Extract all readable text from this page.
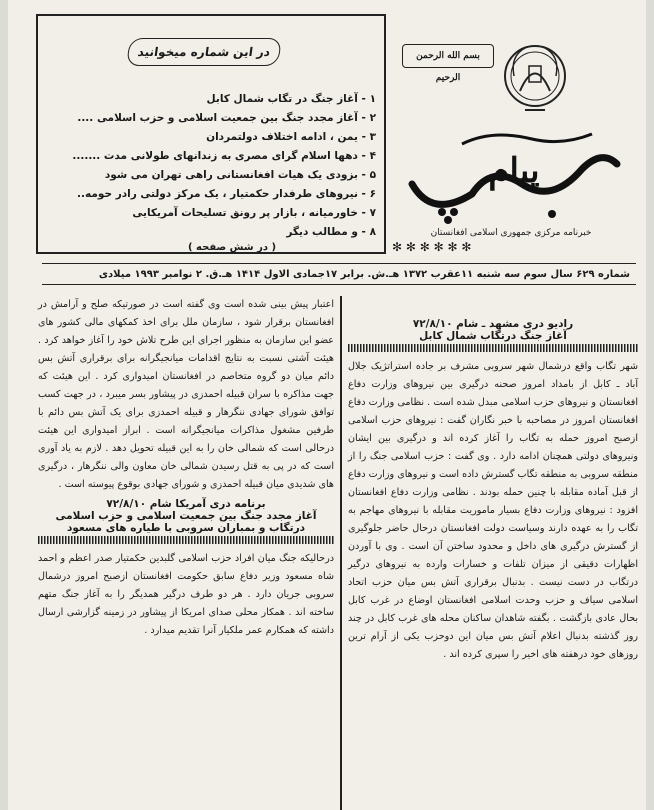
در این شماره میخوانید
۱ - آغاز جنگ در تگاب شمال کابل
۲ - آغاز مجدد جنگ بین جمعیت اسلامی و حزب اسلامی ....
۳ - یمن ، ادامه اختلاف دولتمردان
۴ - دهها اسلام گرای مصری به زندانهای طولانی مدت .......
۵ - بزودی یک هیات افغانستانی راهی تهران می شود
۶ - نیروهای طرفدار حکمتیار ، یک مرکز دولتی رادر حومه..
۷ - خاورمیانه ، بازار پر رونق تسلیحات آمریکایی
۸ - و مطالب دیگر
( در شش صفحه )
بسم الله الرحمن الرحیم
پیام
خبرنامه مرکزی جمهوری اسلامی افغانستان
✻ ✻ ✻ ✻ ✻ ✻
شماره ۶۲۹ سال سوم سه شنبه ۱۱عقرب ۱۳۷۲ هـ.ش. برابر ۱۷جمادی الاول ۱۴۱۴ هـ.ق. ۲ نوامبر ۱۹۹۳ میلادی
رادیو دری مشهد ـ شام ۷۲/۸/۱۰
آغاز جنگ درتگاب شمال کابل

شهر تگاب واقع درشمال شهر سروبی مشرف بر جاده استراتژیک جلال آباد ـ کابل از بامداد امروز صحنه درگیری بین نیروهای وزارت دفاع افغانستان و نیروهای حزب اسلامی مبدل شده است . نظامی وزارت دفاع افغانستان امروز در مصاحبه با خبر نگاران گفت : نیروهای حزب اسلامی ازصبح امروز حمله به تگاب را آغاز کرده اند و درگیری بین ایشان ونیروهای دولتی همچنان ادامه دارد . وی گفت : حزب اسلامی جنگ را از منطقه سروبی به منطقه تگاب گسترش داده است و نیروهای وزارت دفاع از قبل آماده مقابله با چنین حمله بودند . نظامی وزارت دفاع افغانستان افزود : نیروهای وزارت دفاع بسیار ماموریت مقابله با نیروهای مهاجم به تگاب را به عهده دارند وسیاست دولت افغانستان درحال حاضر جلوگیری از گسترش درگیری های داخل و محدود ساختن آن است . وی با آوردن اظهارات دقیقی از میزان تلفات و خسارات وارده به نیروهای درگیر درتگاب در دست نیست . بدنبال برقراری آتش بس میان حزب اتحاد اسلامی سیاف و حزب وحدت اسلامی افغانستان اوضاع در غرب کابل بحال عادی بازگشت . بگفته شاهدان ساکنان محله های غرب کابل در چند روز گذشته بدنبال اعلام آتش بس میان این دوحزب یکی از آرام ترین روزهای خود درهفته های اخیر را سپری کرده اند .

اعتبار پیش بینی شده است وی گفته است در صورتیکه صلح و آرامش در افغانستان برقرار شود ، سازمان ملل برای اخذ کمکهای مالی کشور های عضو این سازمان به منظور اجرای این طرح تلاش خود را آغاز خواهد کرد . هیئت آشتی نسبت به نتایج اقدامات میانجیگرانه برای برقراری آتش بس دائم میان دو گروه متخاصم در افغانستان امیدواری کرد . این هیئت که جهت مذاکره با سران قبیله احمدزی در پیشاور بسر میبرد ، در جهت کسب توافق شورای جهادی ننگرهار و قبیله احمدزی برای یک آتش بس دائم با طرفین مشغول مذاکرات میانجیگرانه است . ابراز امیدواری این هیئت درحالی است که شمالی خان را به این قبیله تحویل دهد . لازم به یاد آوری است که در پی به قتل رسیدن شمالی خان معاون والی ننگرهار ، درگیری های شدیدی میان قبیله احمدزی و شورای جهادی بوقوع پیوسته است .

برنامه دری آمریکا شام ۷۲/۸/۱۰
آغاز مجدد جنگ بین جمعیت اسلامی و حزب اسلامی
درتگاب و بمباران سروبی با طیاره های مسعود

درحالیکه جنگ میان افراد حزب اسلامی گلبدین حکمتیار صدر اعظم و احمد شاه مسعود وزیر دفاع سابق حکومت افغانستان ازصبح امروز درشمال سروبی جریان دارد . هر دو طرف درگیر همدیگر را به آغاز جنگ متهم ساخته اند . همکار محلی صدای امریکا از پیشاور در زمینه گزارشی ارسال داشته که همکارم عمر ملکیار آنرا تقدیم میدارد .
